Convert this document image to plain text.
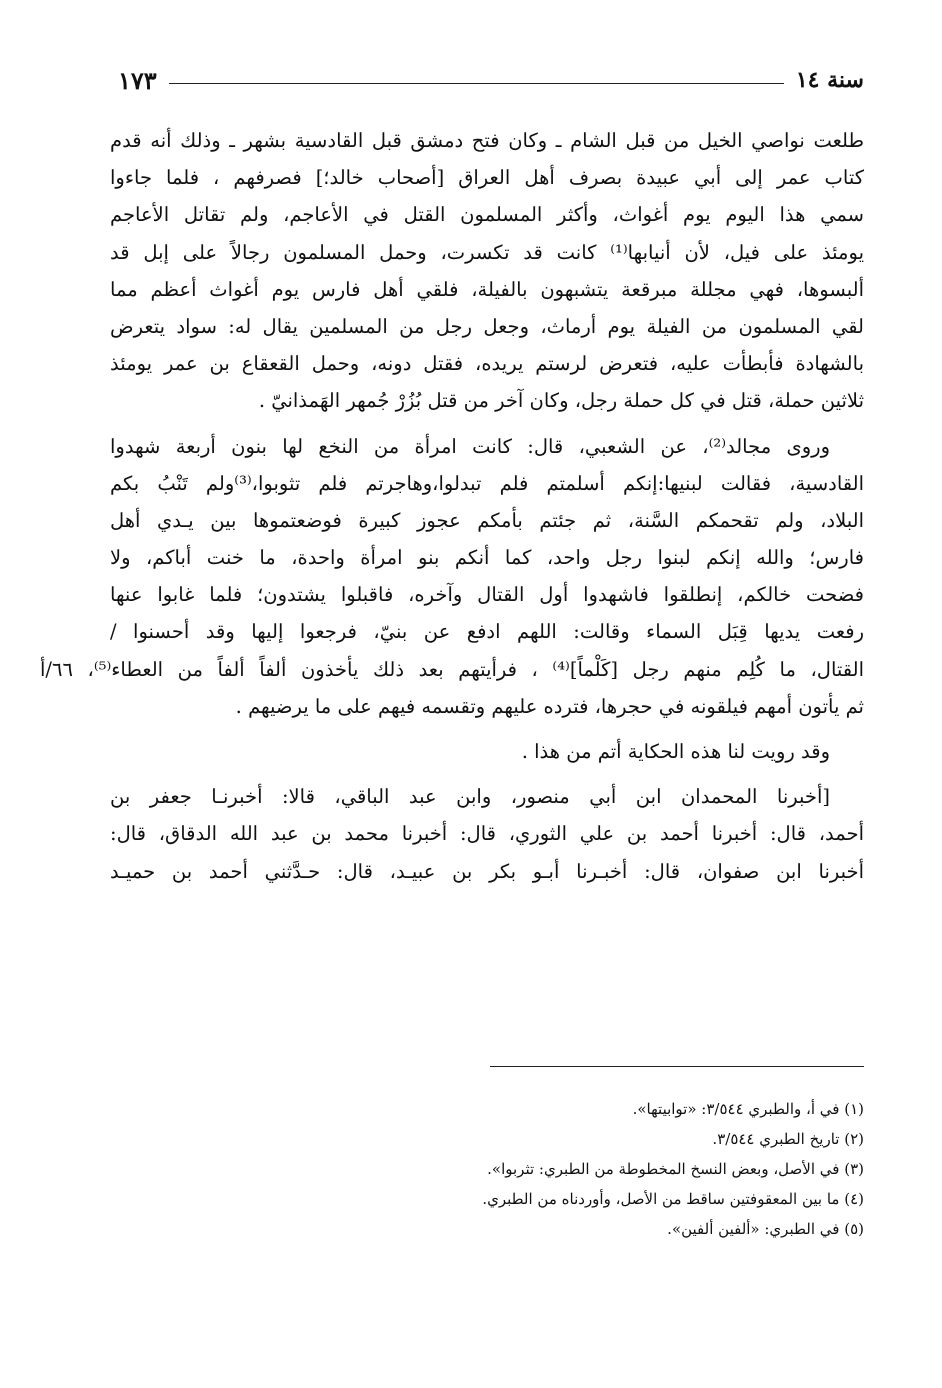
سنة ١٤
١٧٣

طلعت نواصي الخيل من قبل الشام ـ وكان فتح دمشق قبل القادسية بشهر ـ وذلك أنه قدم
كتاب عمر إلى أبي عبيدة بصرف أهل العراق [أصحاب خالد؛] فصرفهم ، فلما جاءوا
سمي هذا اليوم يوم أغواث، وأكثر المسلمون القتل في الأعاجم، ولم تقاتل الأعاجم
يومئذ على فيل، لأن أنيابها⁽¹⁾ كانت قد تكسرت، وحمل المسلمون رجالاً على إبل قد
ألبسوها، فهي مجللة مبرقعة يتشبهون بالفيلة، فلقي أهل فارس يوم أغواث أعظم مما
لقي المسلمون من الفيلة يوم أرماث، وجعل رجل من المسلمين يقال له: سواد يتعرض
بالشهادة فأبطأت عليه، فتعرض لرستم يريده، فقتل دونه، وحمل القعقاع بن عمر يومئذ
ثلاثين حملة، قتل في كل حملة رجل، وكان آخر من قتل بُزُرْ جُمهر الهَمذانيّ .

وروى مجالد⁽²⁾، عن الشعبي، قال: كانت امرأة من النخع لها بنون أربعة شهدوا
القادسية، فقالت لبنيها:إنكم أسلمتم فلم تبدلوا،وهاجرتم فلم تثوبوا،⁽³⁾ولم تَنْبُ بكم
البلاد، ولم تقحمكم السَّنة، ثم جئتم بأمكم عجوز كبيرة فوضعتموها بين يـدي أهل
فارس؛ والله إنكم لبنوا رجل واحد، كما أنكم بنو امرأة واحدة، ما خنت أباكم، ولا
فضحت خالكم، إنطلقوا فاشهدوا أول القتال وآخره، فاقبلوا يشتدون؛ فلما غابوا عنها
رفعت يديها قِبَل السماء وقالت: اللهم ادفع عن بنيّ، فرجعوا إليها وقد أحسنوا /
القتال، ما كُلِم منهم رجل [كَلْماً]⁽⁴⁾ ، فرأيتهم بعد ذلك يأخذون ألفاً ألفاً من العطاء⁽⁵⁾، ٦٦/أ
ثم يأتون أمهم فيلقونه في حجرها، فترده عليهم وتقسمه فيهم على ما يرضيهم .

وقد رويت لنا هذه الحكاية أتم من هذا .

[أخبرنا المحمدان ابن أبي منصور، وابن عبد الباقي، قالا: أخبرنـا جعفر بن
أحمد، قال: أخبرنا أحمد بن علي الثوري، قال: أخبرنا محمد بن عبد الله الدقاق، قال:
أخبرنا ابن صفوان، قال: أخبـرنا أبـو بكر بن عبيـد، قال: حـدَّثني أحمد بن حميـد

(١) في أ، والطبري ٣/٥٤٤: «توابيتها».
(٢) تاريخ الطبري ٣/٥٤٤.
(٣) في الأصل، وبعض النسخ المخطوطة من الطبري: تثربوا».
(٤) ما بين المعقوفتين ساقط من الأصل، وأوردناه من الطبري.
(٥) في الطبري: «ألفين ألفين».
